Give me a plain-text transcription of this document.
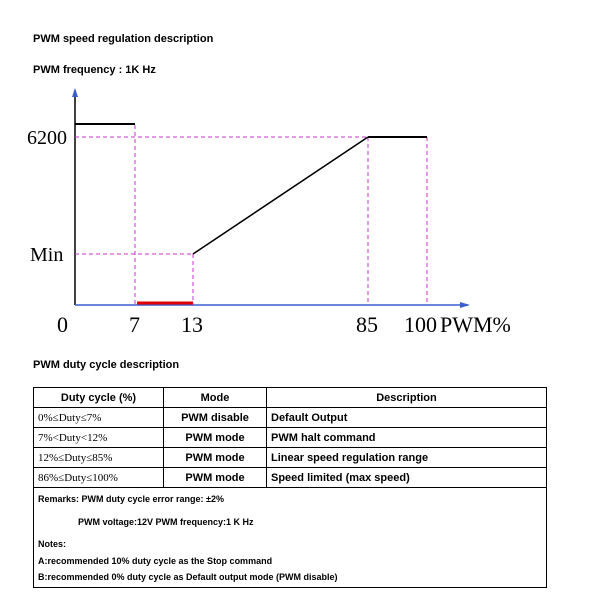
PWM speed regulation description
PWM frequency : 1K Hz
6200
Min
0	7 13	85 100 PWM%
PWM duty cycle description
Duty cycle (%)	Mode	Description
0%≤Duty≤7%	PWM disable	Default Output
7%<Duty<12%	PWM mode	PWM halt command
12%≤Duty≤85%	PWM mode	Linear speed regulation range
86%≤Duty≤100%	PWM mode	Speed limited (max speed)
Remarks: PWM duty cycle error range: ±2%
PWM voltage:12V PWM frequency:1 K Hz
Notes:
A:recommended 10% duty cycle as the Stop command
B:recommended 0% duty cycle as Default output mode (PWM disable)
